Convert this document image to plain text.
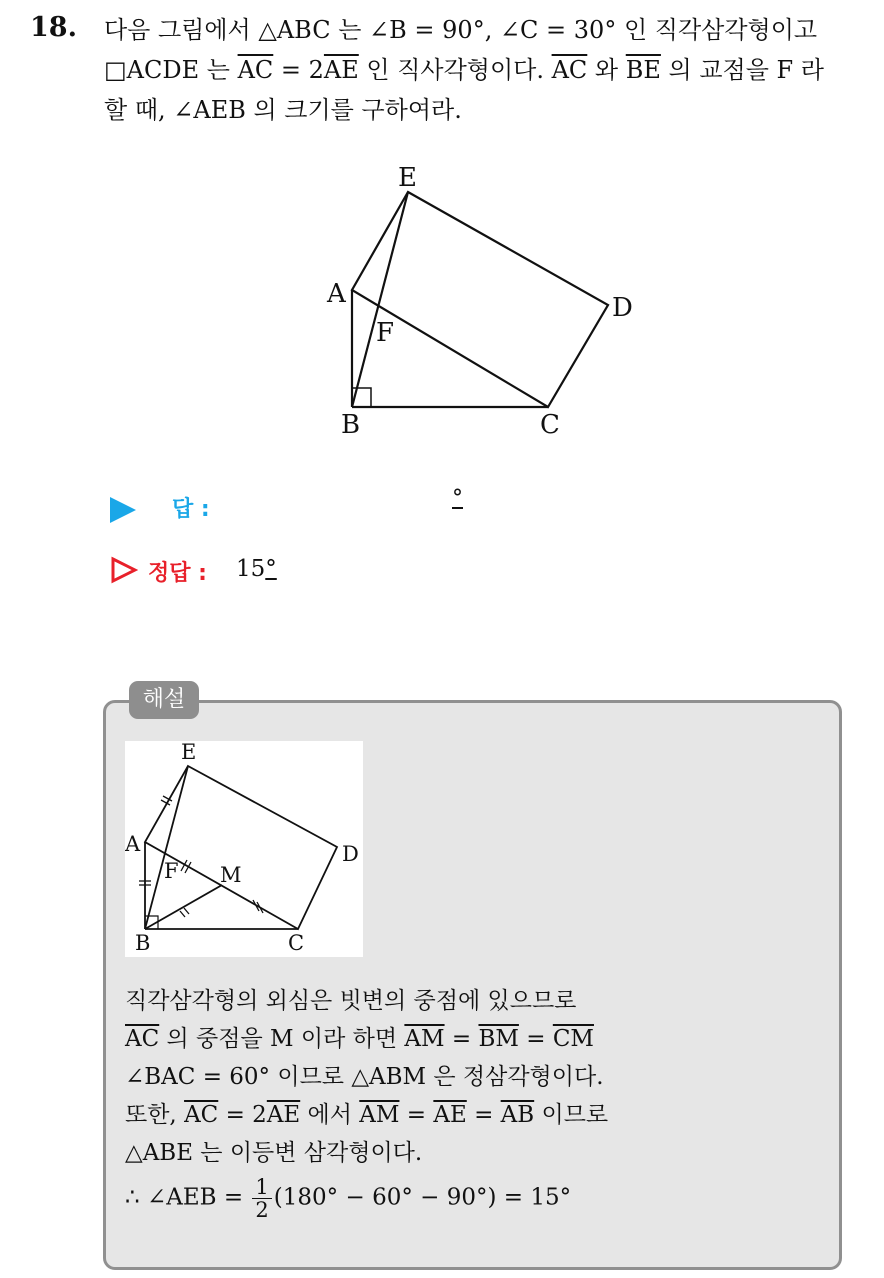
18. 다음 그림에서 △ABC 는 ∠B = 90°, ∠C = 30° 인 직각삼각형이고
□ACDE 는 $\overline{AC} = 2\overline{AE}$ 인 직사각형이다. $\overline{AC}$ 와 $\overline{BE}$ 의 교점을 F 라
할 때, ∠AEB 의 크기를 구하여라.
E
A
F
D
B	C
답 :	°
정답 : 15°
해설
E
A
F M
D
B	C
직각삼각형의 외심은 빗변의 중점에 있으므로
$\overline{AC}$ 의 중점을 M 이라 하면 $\overline{AM} = \overline{BM} = \overline{CM}$
∠BAC = 60° 이므로 △ABM 은 정삼각형이다.
또한, $\overline{AC} = 2\overline{AE}$ 에서 $\overline{AM} = \overline{AE} = \overline{AB}$ 이므로
△ABE 는 이등변 삼각형이다.
∴ ∠AEB = $\frac{1}{2} (180^\circ - 60^\circ - 90^\circ) = 15^\circ$
